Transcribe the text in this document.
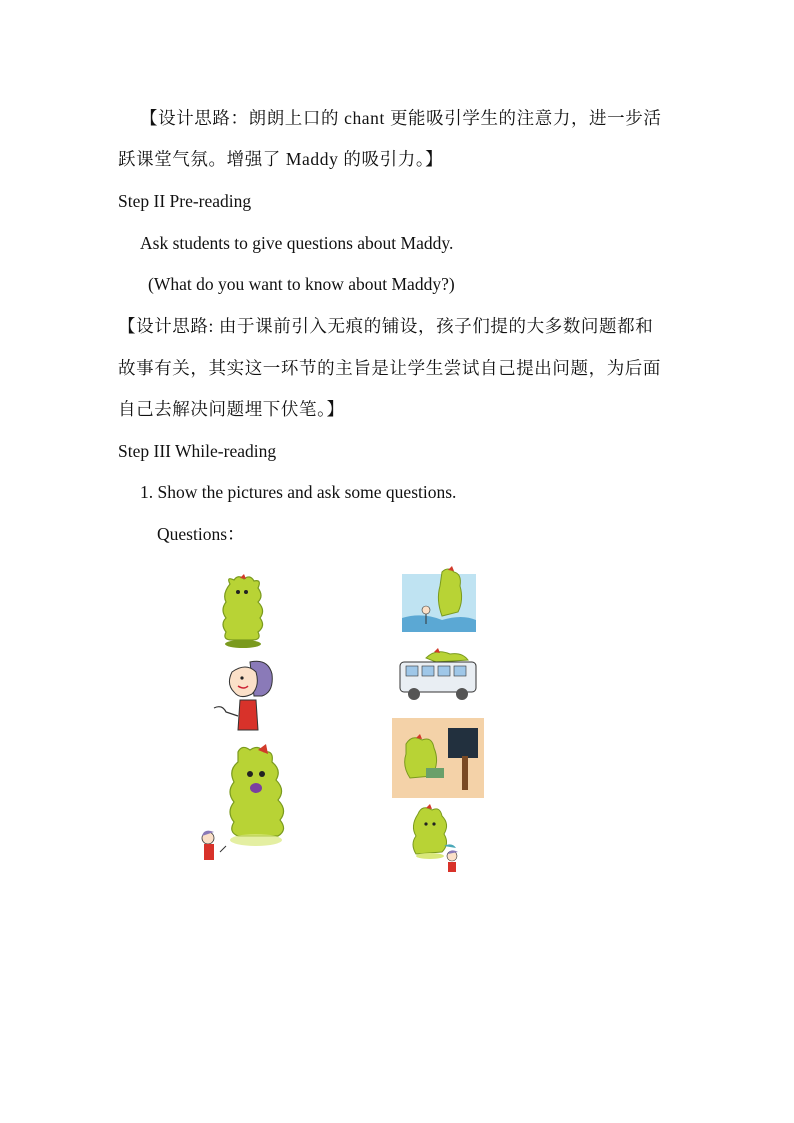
【设计思路：朗朗上口的 chant 更能吸引学生的注意力，进一步活
跃课堂气氛。增强了 Maddy 的吸引力。】
Step II Pre-reading
Ask students to give questions about Maddy.
(What do you want to know about Maddy?)
【设计思路: 由于课前引入无痕的铺设，孩子们提的大多数问题都和
故事有关，其实这一环节的主旨是让学生尝试自己提出问题，为后面
自己去解决问题埋下伏笔。】
Step III While-reading
1. Show the pictures and ask some questions.
Questions：
